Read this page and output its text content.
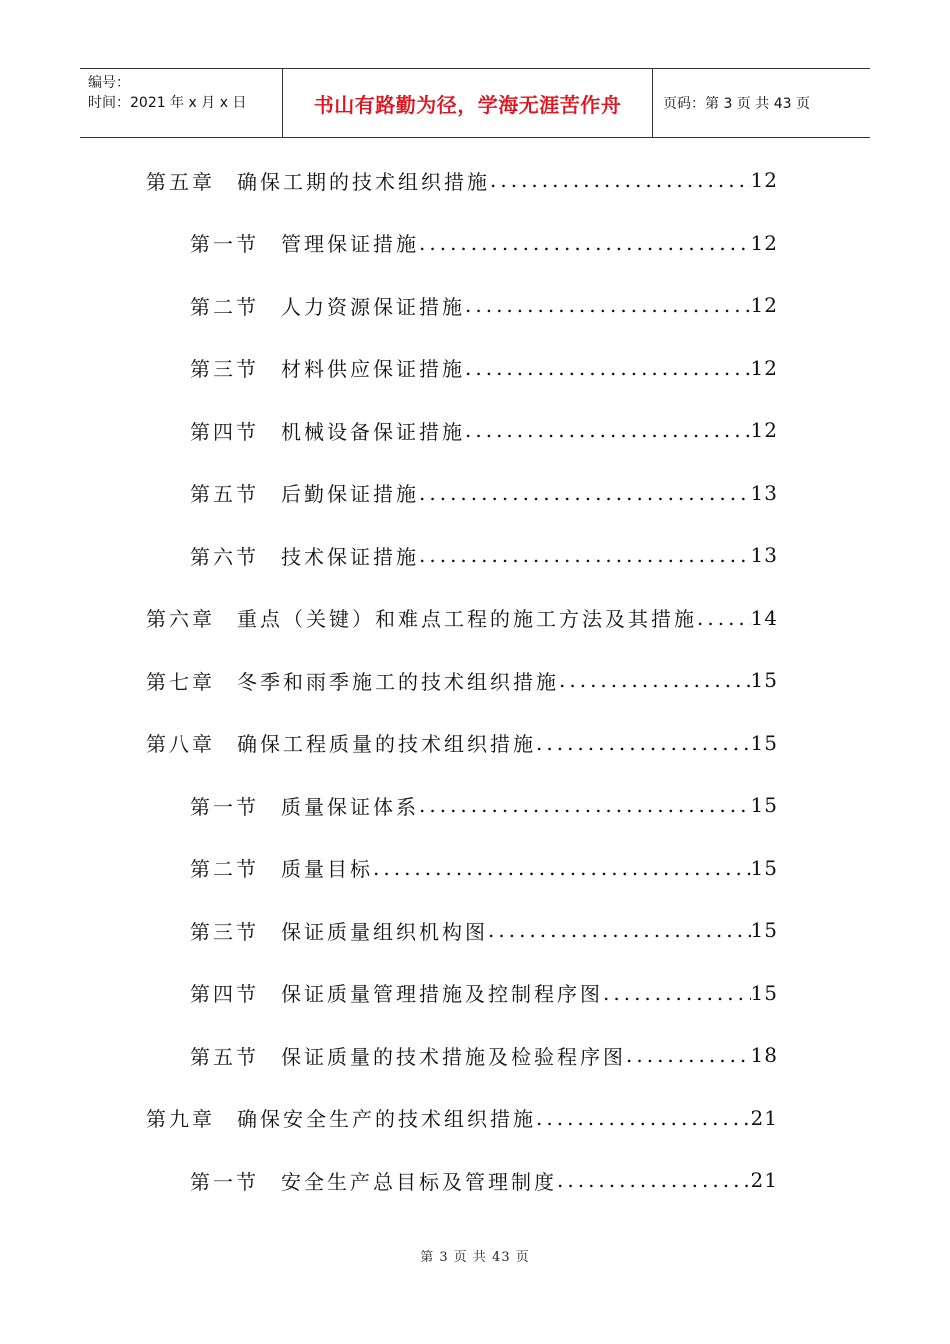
编号：
时间：2021 年 x 月 x 日	书山有路勤为径，学海无涯苦作舟	页码：第 3 页 共 43 页
第五章 确保工期的技术组织措施 .....	12
第一节 管理保证措施 .....	12
第二节 人力资源保证措施 .....	12
第三节 材料供应保证措施 .....	12
第四节 机械设备保证措施 .....	12
第五节 后勤保证措施 .....	13
第六节 技术保证措施 .....	13
第六章 重点（关键）和难点工程的施工方法及其措施 .....	14
第七章 冬季和雨季施工的技术组织措施 .....	15
第八章 确保工程质量的技术组织措施 .....	15
第一节 质量保证体系 .....	15
第二节 质量目标 .....	15
第三节 保证质量组织机构图 .....	15
第四节 保证质量管理措施及控制程序图 .....	15
第五节 保证质量的技术措施及检验程序图 .....	18
第九章 确保安全生产的技术组织措施 .....	21
第一节 安全生产总目标及管理制度 .....	21
第 3 页 共 43 页
